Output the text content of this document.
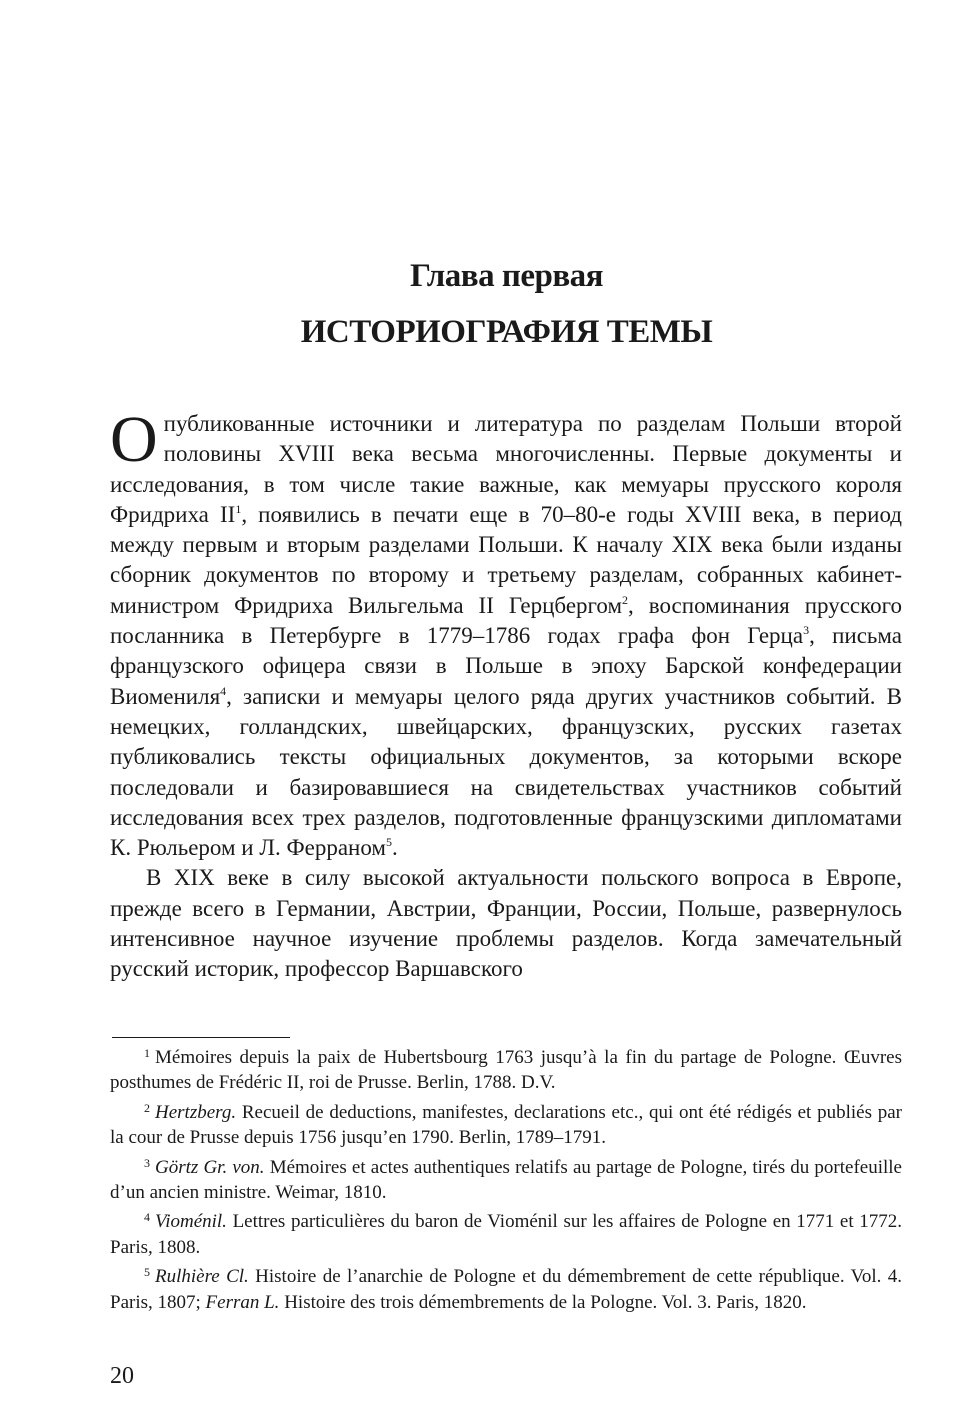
Глава первая
ИСТОРИОГРАФИЯ ТЕМЫ

Опубликованные источники и литература по разделам Польши второй половины XVIII века весьма многочисленны. Первые документы и исследования, в том числе такие важные, как мемуары прусского короля Фридриха II$^1$, появились в печати еще в 70–80-е годы XVIII века, в период между первым и вторым разделами Польши. К началу XIX века были изданы сборник документов по второму и третьему разделам, собранных кабинет-министром Фридриха Вильгельма II Герцбергом$^2$, воспоминания прусского посланника в Петербурге в 1779–1786 годах графа фон Герца$^3$, письма французского офицера связи в Польше в эпоху Барской конфедерации Виомениля$^4$, записки и мемуары целого ряда других участников событий. В немецких, голландских, швейцарских, французских, русских газетах публиковались тексты официальных документов, за которыми вскоре последовали и базировавшиеся на свидетельствах участников событий исследования всех трех разделов, подготовленные французскими дипломатами К. Рюльером и Л. Ферраном$^5$.

В XIX веке в силу высокой актуальности польского вопроса в Европе, прежде всего в Германии, Австрии, Франции, России, Польше, развернулось интенсивное научное изучение проблемы разделов. Когда замечательный русский историк, профессор Варшавского

$^1$ Mémoires depuis la paix de Hubertsbourg 1763 jusqu’à la fin du partage de Pologne. Œuvres posthumes de Frédéric II, roi de Prusse. Berlin, 1788. D.V.

$^2$ Hertzberg. Recueil de deductions, manifestes, declarations etc., qui ont été rédigés et publiés par la cour de Prusse depuis 1756 jusqu’en 1790. Berlin, 1789–1791.

$^3$ Görtz Gr. von. Mémoires et actes authentiques relatifs au partage de Pologne, tirés du portefeuille d’un ancien ministre. Weimar, 1810.

$^4$ Vioménil. Lettres particulières du baron de Vioménil sur les affaires de Pologne en 1771 et 1772. Paris, 1808.

$^5$ Rulhière Cl. Histoire de l’anarchie de Pologne et du démembrement de cette république. Vol. 4. Paris, 1807; Ferran L. Histoire des trois démembrements de la Pologne. Vol. 3. Paris, 1820.

20
